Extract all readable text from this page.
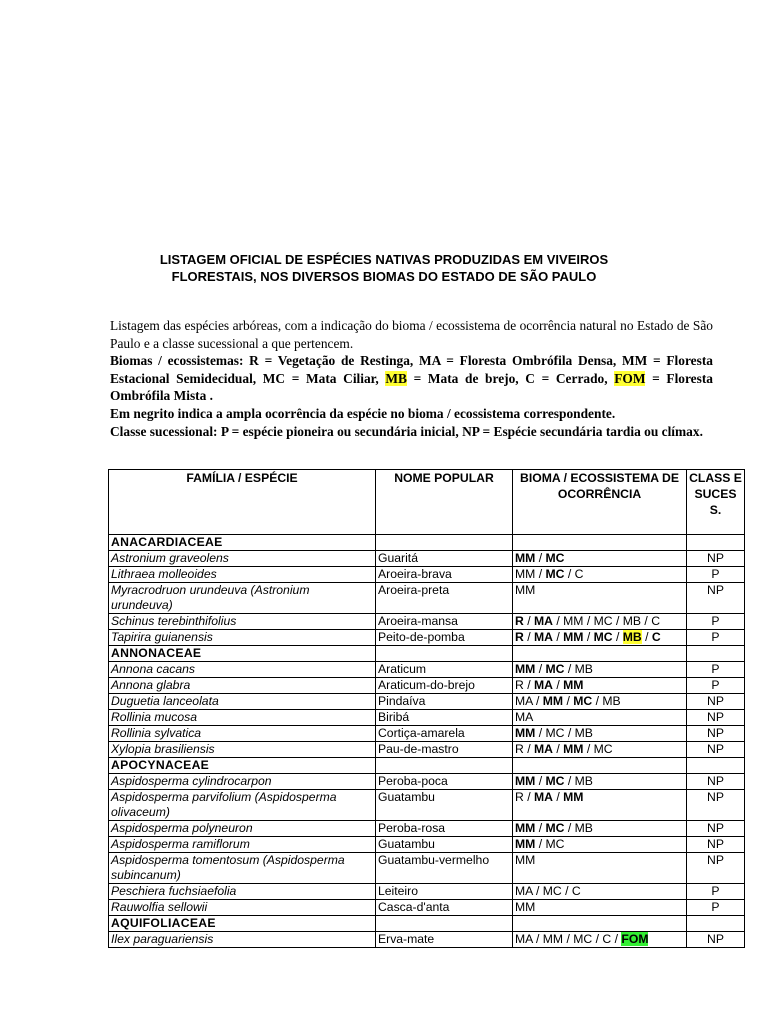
LISTAGEM OFICIAL DE ESPÉCIES NATIVAS PRODUZIDAS EM VIVEIROS
FLORESTAIS, NOS DIVERSOS BIOMAS DO ESTADO DE SÃO PAULO

Listagem das espécies arbóreas, com a indicação do bioma / ecossistema de ocorrência natural no Estado de São Paulo e a classe sucessional a que pertencem.

Biomas / ecossistemas: R = Vegetação de Restinga, MA = Floresta Ombrófila Densa, MM = Floresta Estacional Semidecidual, MC = Mata Ciliar, MB = Mata de brejo, C = Cerrado, FOM = Floresta Ombrófila Mista .

Em negrito indica a ampla ocorrência da espécie no bioma / ecossistema correspondente.

Classe sucessional: P = espécie pioneira ou secundária inicial, NP = Espécie secundária tardia ou clímax.

FAMÍLIA / ESPÉCIE	NOME POPULAR	BIOMA / ECOSSISTEMA DE OCORRÊNCIA	CLASS E SUCES S.
ANACARDIACEAE			
Astronium graveolens	Guaritá	MM / MC	NP
Lithraea molleoides	Aroeira-brava	MM / MC / C	P
Myracrodruon urundeuva (Astronium urundeuva)	Aroeira-preta	MM	NP
Schinus terebinthifolius	Aroeira-mansa	R / MA / MM / MC / MB / C	P
Tapirira guianensis	Peito-de-pomba	R / MA / MM / MC / MB / C	P
ANNONACEAE			
Annona cacans	Araticum	MM / MC / MB	P
Annona glabra	Araticum-do-brejo	R / MA / MM	P
Duguetia lanceolata	Pindaíva	MA / MM / MC / MB	NP
Rollinia mucosa	Biribá	MA	NP
Rollinia sylvatica	Cortiça-amarela	MM / MC / MB	NP
Xylopia brasiliensis	Pau-de-mastro	R / MA / MM / MC	NP
APOCYNACEAE			
Aspidosperma cylindrocarpon	Peroba-poca	MM / MC / MB	NP
Aspidosperma parvifolium (Aspidosperma olivaceum)	Guatambu	R / MA / MM	NP
Aspidosperma polyneuron	Peroba-rosa	MM / MC / MB	NP
Aspidosperma ramiflorum	Guatambu	MM / MC	NP
Aspidosperma tomentosum (Aspidosperma subincanum)	Guatambu-vermelho	MM	NP
Peschiera fuchsiaefolia	Leiteiro	MA / MC / C	P
Rauwolfia sellowii	Casca-d'anta	MM	P
AQUIFOLIACEAE			
Ilex paraguariensis	Erva-mate	MA / MM / MC / C / FOM	NP
